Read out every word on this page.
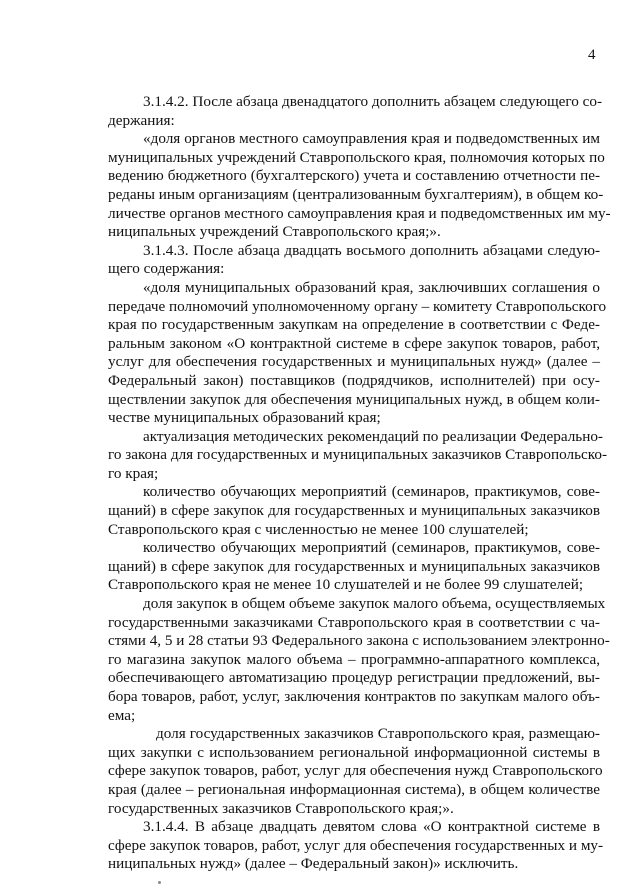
4
3.1.4.2. После абзаца двенадцатого дополнить абзацем следующего со-
держания:
«доля органов местного самоуправления края и подведомственных им
муниципальных учреждений Ставропольского края, полномочия которых по
ведению бюджетного (бухгалтерского) учета и составлению отчетности пе-
реданы иным организациям (централизованным бухгалтериям), в общем ко-
личестве органов местного самоуправления края и подведомственных им му-
ниципальных учреждений Ставропольского края;».
3.1.4.3. После абзаца двадцать восьмого дополнить абзацами следую-
щего содержания:
«доля муниципальных образований края, заключивших соглашения о
передаче полномочий уполномоченному органу – комитету Ставропольского
края по государственным закупкам на определение в соответствии с Феде-
ральным законом «О контрактной системе в сфере закупок товаров, работ,
услуг для обеспечения государственных и муниципальных нужд» (далее –
Федеральный закон) поставщиков (подрядчиков, исполнителей) при осу-
ществлении закупок для обеспечения муниципальных нужд, в общем коли-
честве муниципальных образований края;
актуализация методических рекомендаций по реализации Федерально-
го закона для государственных и муниципальных заказчиков Ставропольско-
го края;
количество обучающих мероприятий (семинаров, практикумов, сове-
щаний) в сфере закупок для государственных и муниципальных заказчиков
Ставропольского края с численностью не менее 100 слушателей;
количество обучающих мероприятий (семинаров, практикумов, сове-
щаний) в сфере закупок для государственных и муниципальных заказчиков
Ставропольского края не менее 10 слушателей и не более 99 слушателей;
доля закупок в общем объеме закупок малого объема, осуществляемых
государственными заказчиками Ставропольского края в соответствии с ча-
стями 4, 5 и 28 статьи 93 Федерального закона с использованием электронно-
го магазина закупок малого объема – программно-аппаратного комплекса,
обеспечивающего автоматизацию процедур регистрации предложений, вы-
бора товаров, работ, услуг, заключения контрактов по закупкам малого объ-
ема;
доля государственных заказчиков Ставропольского края, размещаю-
щих закупки с использованием региональной информационной системы в
сфере закупок товаров, работ, услуг для обеспечения нужд Ставропольского
края (далее – региональная информационная система), в общем количестве
государственных заказчиков Ставропольского края;».
3.1.4.4. В абзаце двадцать девятом слова «О контрактной системе в
сфере закупок товаров, работ, услуг для обеспечения государственных и му-
ниципальных нужд» (далее – Федеральный закон)» исключить.
